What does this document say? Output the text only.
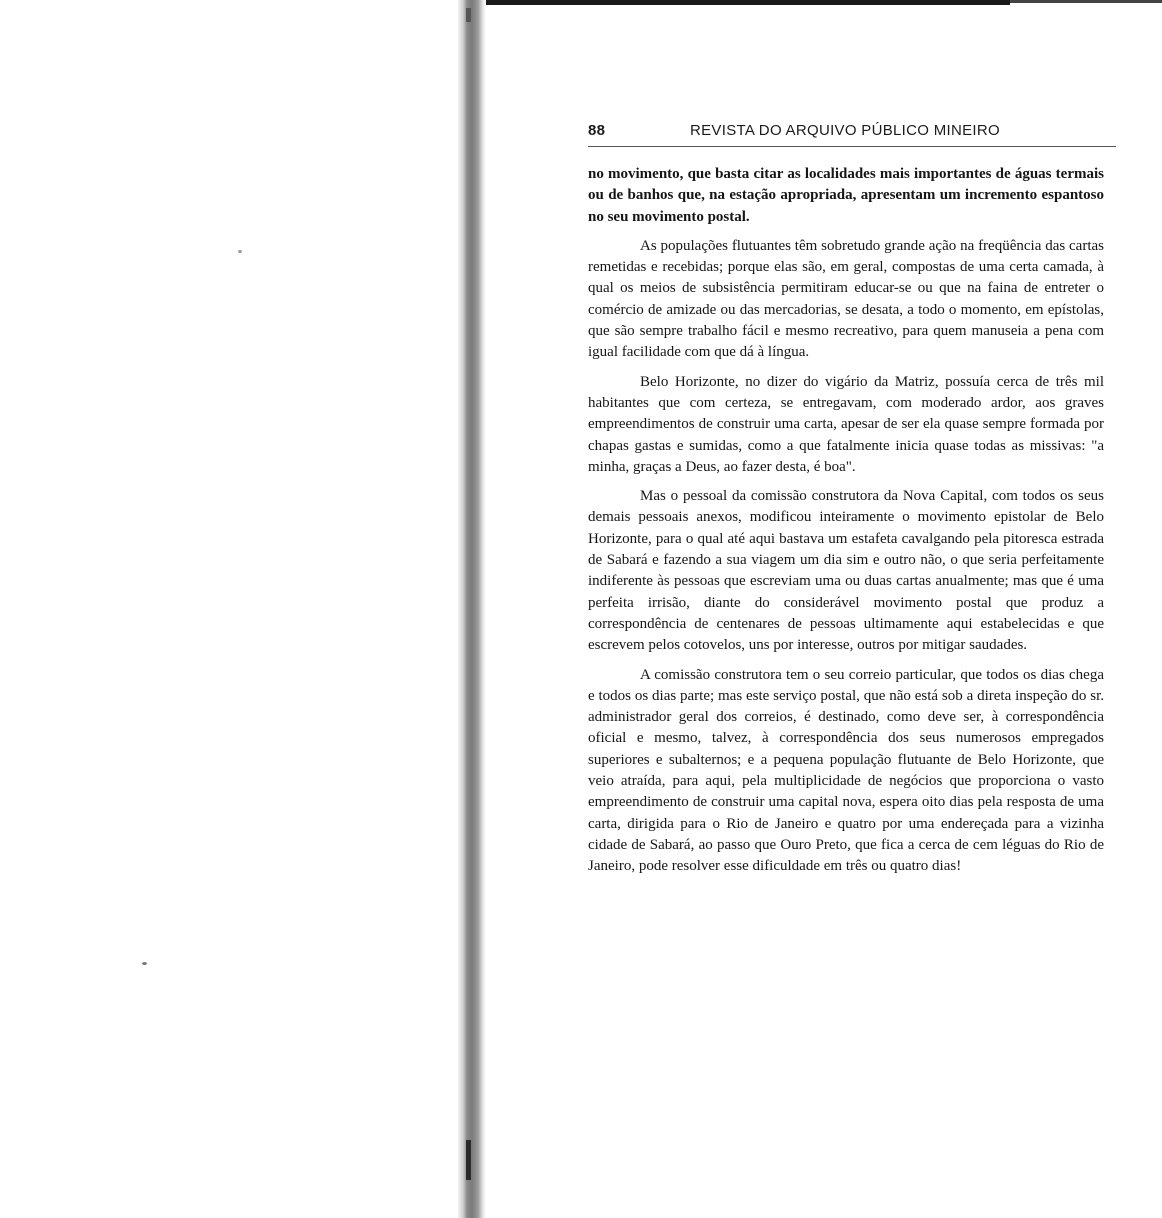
88	REVISTA DO ARQUIVO PÚBLICO MINEIRO

no movimento, que basta citar as localidades mais importantes de águas termais ou de banhos que, na estação apropriada, apresentam um incremento espantoso no seu movimento postal.

As populações flutuantes têm sobretudo grande ação na freqüência das cartas remetidas e recebidas; porque elas são, em geral, compostas de uma certa camada, à qual os meios de subsistência permitiram educar-se ou que na faina de entreter o comércio de amizade ou das mercadorias, se desata, a todo o momento, em epístolas, que são sempre trabalho fácil e mesmo recreativo, para quem manuseia a pena com igual facilidade com que dá à língua.

Belo Horizonte, no dizer do vigário da Matriz, possuía cerca de três mil habitantes que com certeza, se entregavam, com moderado ardor, aos graves empreendimentos de construir uma carta, apesar de ser ela quase sempre formada por chapas gastas e sumidas, como a que fatalmente inicia quase todas as missivas: "a minha, graças a Deus, ao fazer desta, é boa".

Mas o pessoal da comissão construtora da Nova Capital, com todos os seus demais pessoais anexos, modificou inteiramente o movimento epistolar de Belo Horizonte, para o qual até aqui bastava um estafeta cavalgando pela pitoresca estrada de Sabará e fazendo a sua viagem um dia sim e outro não, o que seria perfeitamente indiferente às pessoas que escreviam uma ou duas cartas anualmente; mas que é uma perfeita irrisão, diante do considerável movimento postal que produz a correspondência de centenares de pessoas ultimamente aqui estabelecidas e que escrevem pelos cotovelos, uns por interesse, outros por mitigar saudades.

A comissão construtora tem o seu correio particular, que todos os dias chega e todos os dias parte; mas este serviço postal, que não está sob a direta inspeção do sr. administrador geral dos correios, é destinado, como deve ser, à correspondência oficial e mesmo, talvez, à correspondência dos seus numerosos empregados superiores e subalternos; e a pequena população flutuante de Belo Horizonte, que veio atraída, para aqui, pela multiplicidade de negócios que proporciona o vasto empreendimento de construir uma capital nova, espera oito dias pela resposta de uma carta, dirigida para o Rio de Janeiro e quatro por uma endereçada para a vizinha cidade de Sabará, ao passo que Ouro Preto, que fica a cerca de cem léguas do Rio de Janeiro, pode resolver esse dificuldade em três ou quatro dias!
